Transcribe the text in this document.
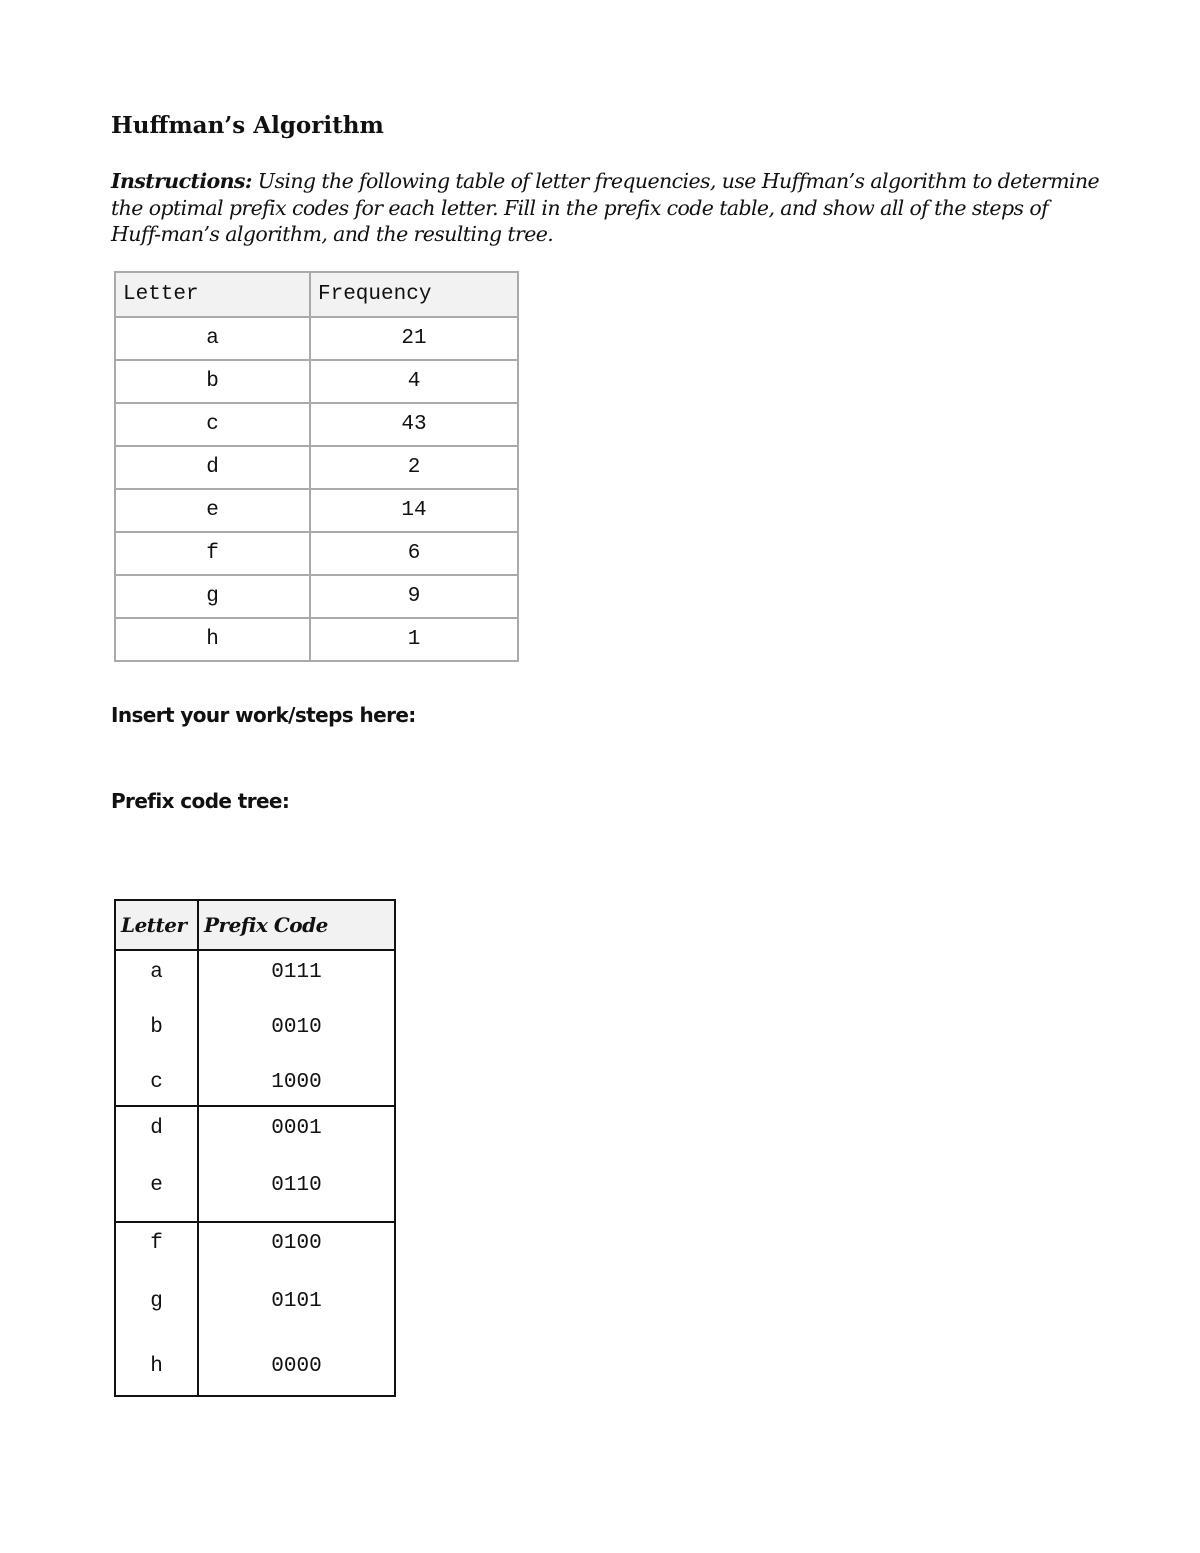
Huffman’s Algorithm
Instructions: Using the following table of letter frequencies, use Huffman’s algorithm to determine the optimal prefix codes for each letter. Fill in the prefix code table, and show all of the steps of Huff-man’s algorithm, and the resulting tree.
Letter	Frequency
a	21
b	4
c	43
d	2
e	14
f	6
g	9
h	1
Insert your work/steps here:
Prefix code tree:
Letter	Prefix Code
a	0111
b	0010
c	1000
d	0001
e	0110
f	0100
g	0101
h	0000
